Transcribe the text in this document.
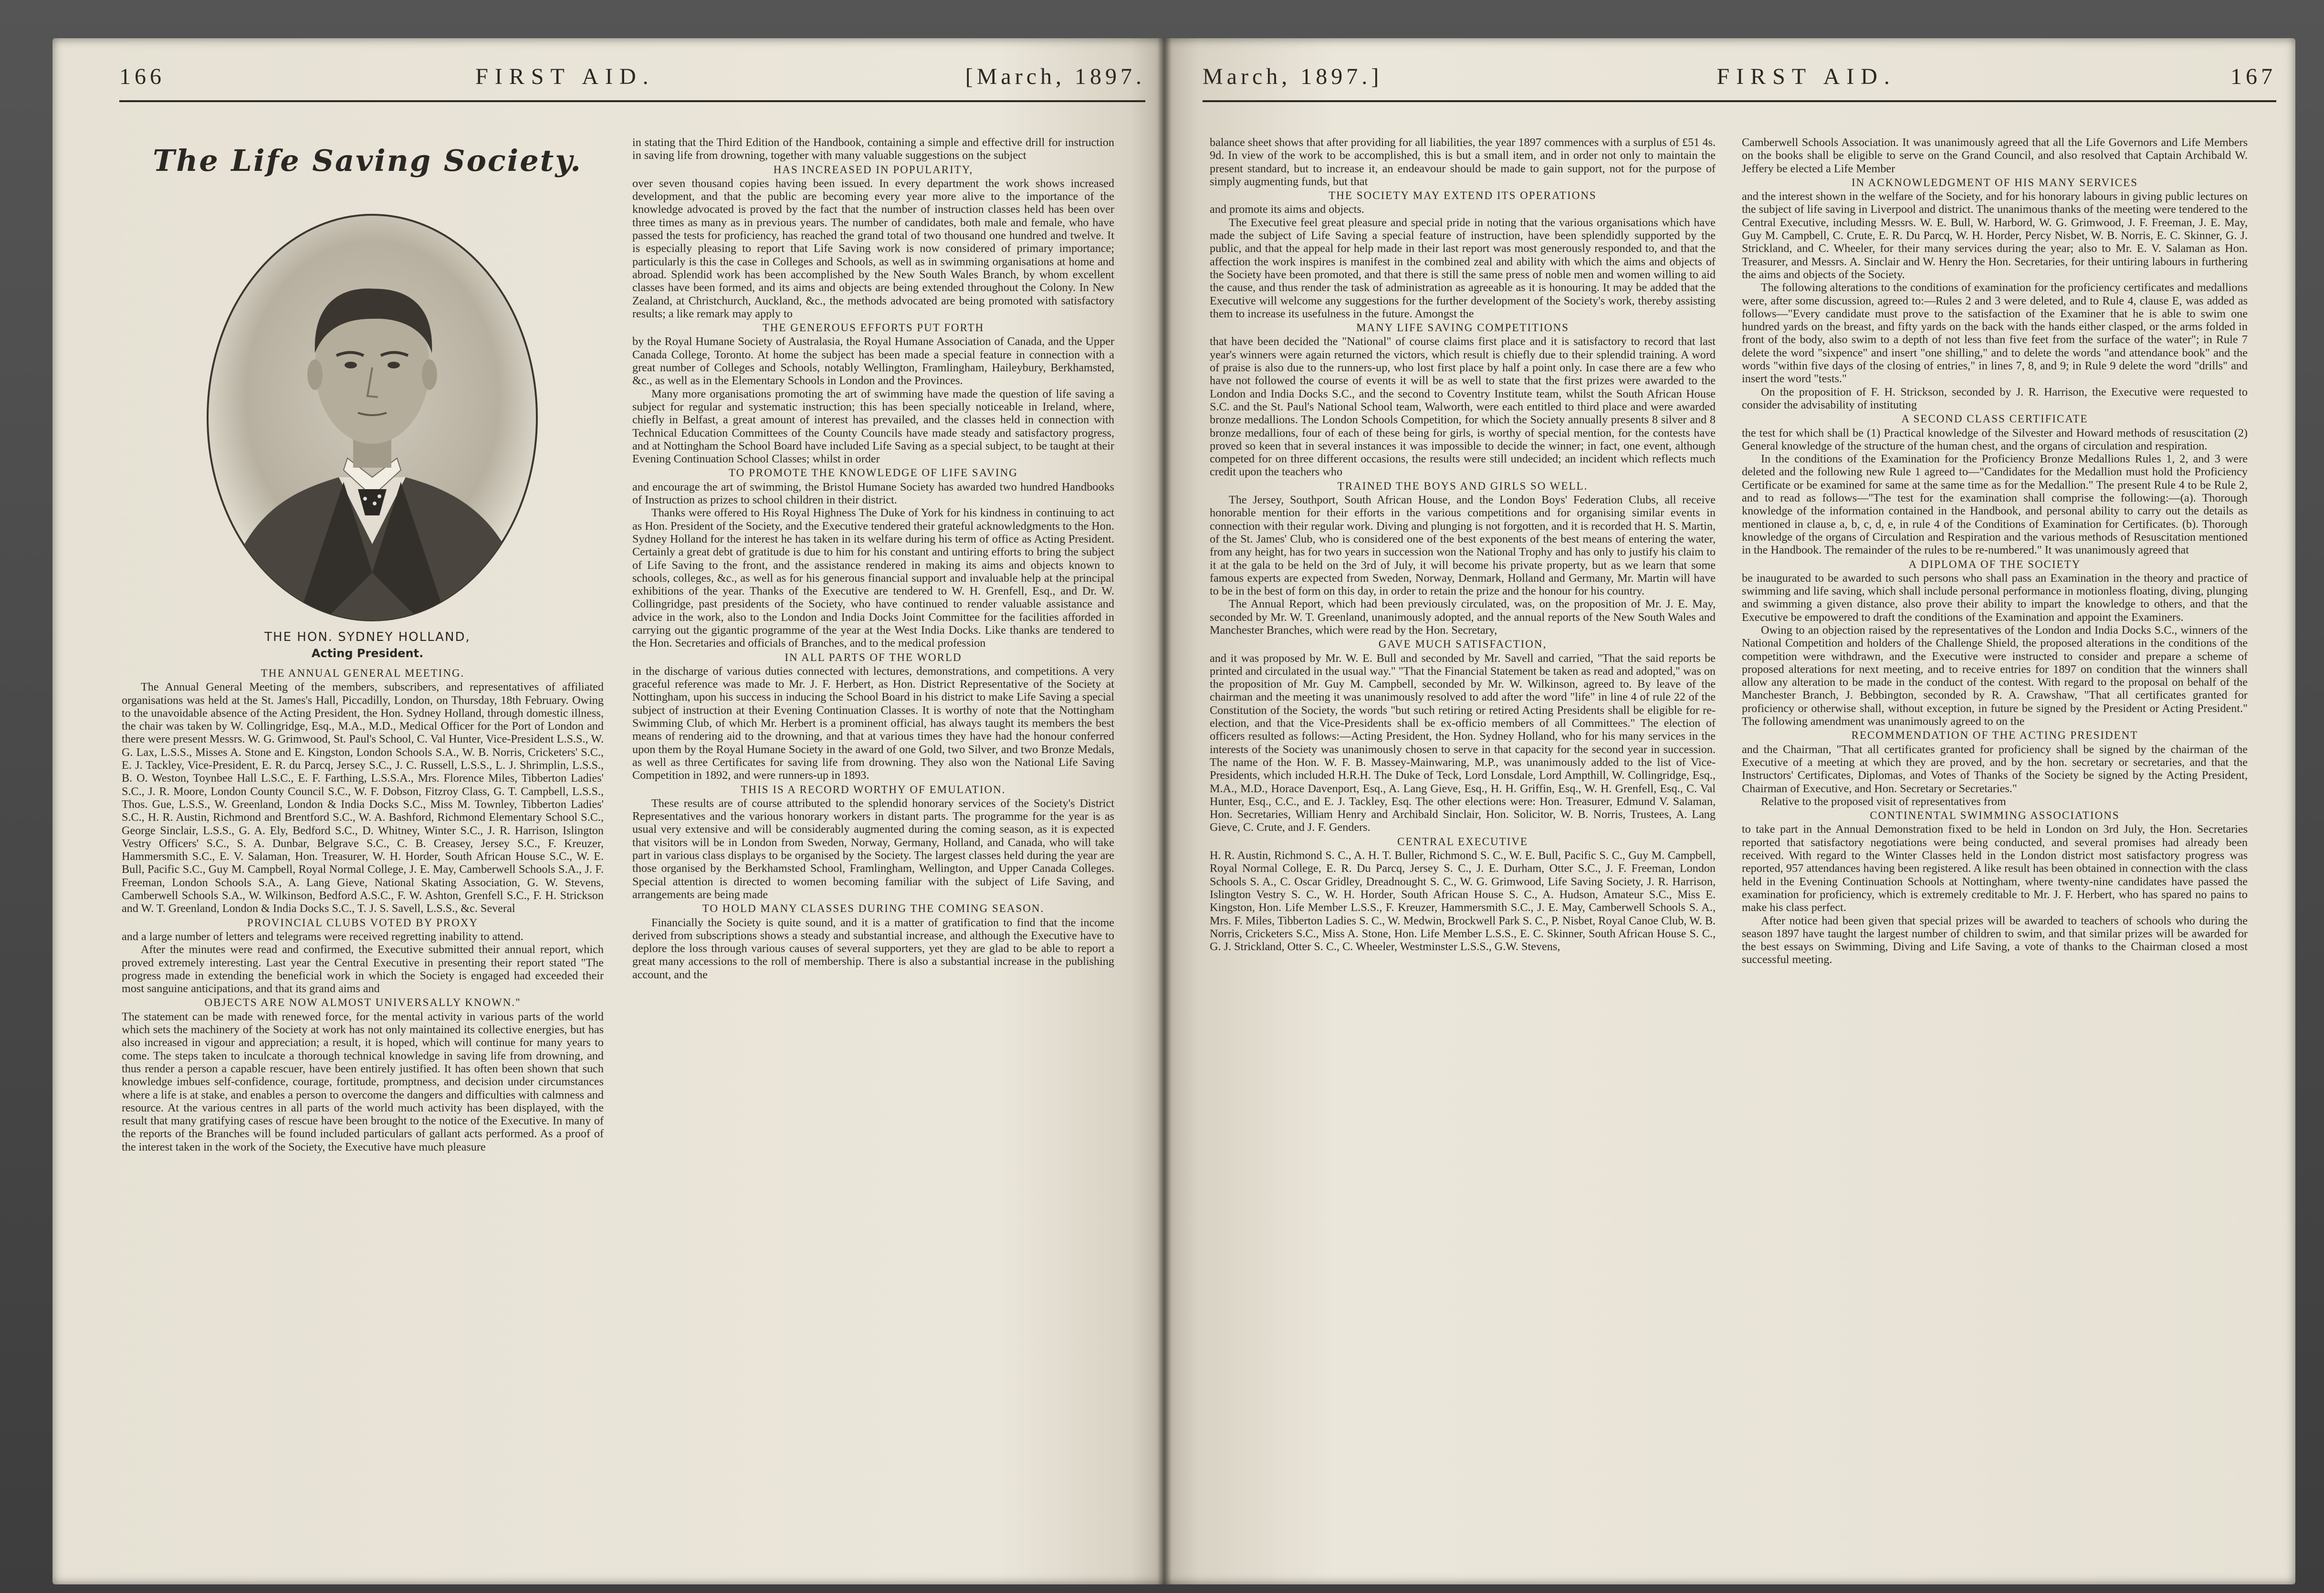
166	FIRST AID.	[March, 1897.	March, 1897.]	FIRST AID.	167
The Life Saving Society.
THE HON. SYDNEY HOLLAND,
Acting President.

THE ANNUAL GENERAL MEETING.

The Annual General Meeting of the members, subscribers, and representatives of affiliated organisations was held at the St. James's Hall, Piccadilly, London, on Thursday, 18th February. Owing to the unavoidable absence of the Acting President, the Hon. Sydney Holland, through domestic illness, the chair was taken by W. Collingridge, Esq., M.A., M.D., Medical Officer for the Port of London and there were present Messrs. W. G. Grimwood, St. Paul's School, C. Val Hunter, Vice-President L.S.S., W. G. Lax, L.S.S., Misses A. Stone and E. Kingston, London Schools S.A., W. B. Norris, Cricketers' S.C., E. J. Tackley, Vice-President, E. R. du Parcq, Jersey S.C., J. C. Russell, L.S.S., L. J. Shrimplin, L.S.S., B. O. Weston, Toynbee Hall L.S.C., E. F. Farthing, L.S.S.A., Mrs. Florence Miles, Tibberton Ladies' S.C., J. R. Moore, London County Council S.C., W. F. Dobson, Fitzroy Class, G. T. Campbell, L.S.S., Thos. Gue, L.S.S., W. Greenland, London & India Docks S.C., Miss M. Townley, Tibberton Ladies' S.C., H. R. Austin, Richmond and Brentford S.C., W. A. Bashford, Richmond Elementary School S.C., George Sinclair, L.S.S., G. A. Ely, Bedford S.C., D. Whitney, Winter S.C., J. R. Harrison, Islington Vestry Officers' S.C., S. A. Dunbar, Belgrave S.C., C. B. Creasey, Jersey S.C., F. Kreuzer, Hammersmith S.C., E. V. Salaman, Hon. Treasurer, W. H. Horder, South African House S.C., W. E. Bull, Pacific S.C., Guy M. Campbell, Royal Normal College, J. E. May, Camberwell Schools S.A., J. F. Freeman, London Schools S.A., A. Lang Gieve, National Skating Association, G. W. Stevens, Camberwell Schools S.A., W. Wilkinson, Bedford A.S.C., F. W. Ashton, Grenfell S.C., F. H. Strickson and W. T. Greenland, London & India Docks S.C., T. J. S. Savell, L.S.S., &c. Several

PROVINCIAL CLUBS VOTED BY PROXY

and a large number of letters and telegrams were received regretting inability to attend.

After the minutes were read and confirmed, the Executive submitted their annual report, which proved extremely interesting. Last year the Central Executive in presenting their report stated "The progress made in extending the beneficial work in which the Society is engaged had exceeded their most sanguine anticipations, and that its grand aims and

OBJECTS ARE NOW ALMOST UNIVERSALLY KNOWN."

The statement can be made with renewed force, for the mental activity in various parts of the world which sets the machinery of the Society at work has not only maintained its collective energies, but has also increased in vigour and appreciation; a result, it is hoped, which will continue for many years to come. The steps taken to inculcate a thorough technical knowledge in saving life from drowning, and thus render a person a capable rescuer, have been entirely justified. It has often been shown that such knowledge imbues self-confidence, courage, fortitude, promptness, and decision under circumstances where a life is at stake, and enables a person to overcome the dangers and difficulties with calmness and resource. At the various centres in all parts of the world much activity has been displayed, with the result that many gratifying cases of rescue have been brought to the notice of the Executive. In many of the reports of the Branches will be found included particulars of gallant acts performed. As a proof of the interest taken in the work of the Society, the Executive have much pleasure

in stating that the Third Edition of the Handbook, containing a simple and effective drill for instruction in saving life from drowning, together with many valuable suggestions on the subject

HAS INCREASED IN POPULARITY,

over seven thousand copies having been issued. In every department the work shows increased development, and that the public are becoming every year more alive to the importance of the knowledge advocated is proved by the fact that the number of instruction classes held has been over three times as many as in previous years. The number of candidates, both male and female, who have passed the tests for proficiency, has reached the grand total of two thousand one hundred and twelve. It is especially pleasing to report that Life Saving work is now considered of primary importance; particularly is this the case in Colleges and Schools, as well as in swimming organisations at home and abroad. Splendid work has been accomplished by the New South Wales Branch, by whom excellent classes have been formed, and its aims and objects are being extended throughout the Colony. In New Zealand, at Christchurch, Auckland, &c., the methods advocated are being promoted with satisfactory results; a like remark may apply to

THE GENEROUS EFFORTS PUT FORTH

by the Royal Humane Society of Australasia, the Royal Humane Association of Canada, and the Upper Canada College, Toronto. At home the subject has been made a special feature in connection with a great number of Colleges and Schools, notably Wellington, Framlingham, Haileybury, Berkhamsted, &c., as well as in the Elementary Schools in London and the Provinces.

Many more organisations promoting the art of swimming have made the question of life saving a subject for regular and systematic instruction; this has been specially noticeable in Ireland, where, chiefly in Belfast, a great amount of interest has prevailed, and the classes held in connection with Technical Education Committees of the County Councils have made steady and satisfactory progress, and at Nottingham the School Board have included Life Saving as a special subject, to be taught at their Evening Continuation School Classes; whilst in order

TO PROMOTE THE KNOWLEDGE OF LIFE SAVING

and encourage the art of swimming, the Bristol Humane Society has awarded two hundred Handbooks of Instruction as prizes to school children in their district.

Thanks were offered to His Royal Highness The Duke of York for his kindness in continuing to act as Hon. President of the Society, and the Executive tendered their grateful acknowledgments to the Hon. Sydney Holland for the interest he has taken in its welfare during his term of office as Acting President. Certainly a great debt of gratitude is due to him for his constant and untiring efforts to bring the subject of Life Saving to the front, and the assistance rendered in making its aims and objects known to schools, colleges, &c., as well as for his generous financial support and invaluable help at the principal exhibitions of the year. Thanks of the Executive are tendered to W. H. Grenfell, Esq., and Dr. W. Collingridge, past presidents of the Society, who have continued to render valuable assistance and advice in the work, also to the London and India Docks Joint Committee for the facilities afforded in carrying out the gigantic programme of the year at the West India Docks. Like thanks are tendered to the Hon. Secretaries and officials of Branches, and to the medical profession

IN ALL PARTS OF THE WORLD

in the discharge of various duties connected with lectures, demonstrations, and competitions. A very graceful reference was made to Mr. J. F. Herbert, as Hon. District Representative of the Society at Nottingham, upon his success in inducing the School Board in his district to make Life Saving a special subject of instruction at their Evening Continuation Classes. It is worthy of note that the Nottingham Swimming Club, of which Mr. Herbert is a prominent official, has always taught its members the best means of rendering aid to the drowning, and that at various times they have had the honour conferred upon them by the Royal Humane Society in the award of one Gold, two Silver, and two Bronze Medals, as well as three Certificates for saving life from drowning. They also won the National Life Saving Competition in 1892, and were runners-up in 1893.

THIS IS A RECORD WORTHY OF EMULATION.

These results are of course attributed to the splendid honorary services of the Society's District Representatives and the various honorary workers in distant parts. The programme for the year is as usual very extensive and will be considerably augmented during the coming season, as it is expected that visitors will be in London from Sweden, Norway, Germany, Holland, and Canada, who will take part in various class displays to be organised by the Society. The largest classes held during the year are those organised by the Berkhamsted School, Framlingham, Wellington, and Upper Canada Colleges. Special attention is directed to women becoming familiar with the subject of Life Saving, and arrangements are being made

TO HOLD MANY CLASSES DURING THE COMING SEASON.

Financially the Society is quite sound, and it is a matter of gratification to find that the income derived from subscriptions shows a steady and substantial increase, and although the Executive have to deplore the loss through various causes of several supporters, yet they are glad to be able to report a great many accessions to the roll of membership. There is also a substantial increase in the publishing account, and the

balance sheet shows that after providing for all liabilities, the year 1897 commences with a surplus of £51 4s. 9d. In view of the work to be accomplished, this is but a small item, and in order not only to maintain the present standard, but to increase it, an endeavour should be made to gain support, not for the purpose of simply augmenting funds, but that

THE SOCIETY MAY EXTEND ITS OPERATIONS

and promote its aims and objects.

The Executive feel great pleasure and special pride in noting that the various organisations which have made the subject of Life Saving a special feature of instruction, have been splendidly supported by the public, and that the appeal for help made in their last report was most generously responded to, and that the affection the work inspires is manifest in the combined zeal and ability with which the aims and objects of the Society have been promoted, and that there is still the same press of noble men and women willing to aid the cause, and thus render the task of administration as agreeable as it is honouring. It may be added that the Executive will welcome any suggestions for the further development of the Society's work, thereby assisting them to increase its usefulness in the future. Amongst the

MANY LIFE SAVING COMPETITIONS

that have been decided the "National" of course claims first place and it is satisfactory to record that last year's winners were again returned the victors, which result is chiefly due to their splendid training. A word of praise is also due to the runners-up, who lost first place by half a point only. In case there are a few who have not followed the course of events it will be as well to state that the first prizes were awarded to the London and India Docks S.C., and the second to Coventry Institute team, whilst the South African House S.C. and the St. Paul's National School team, Walworth, were each entitled to third place and were awarded bronze medallions. The London Schools Competition, for which the Society annually presents 8 silver and 8 bronze medallions, four of each of these being for girls, is worthy of special mention, for the contests have proved so keen that in several instances it was impossible to decide the winner; in fact, one event, although competed for on three different occasions, the results were still undecided; an incident which reflects much credit upon the teachers who

TRAINED THE BOYS AND GIRLS SO WELL.

The Jersey, Southport, South African House, and the London Boys' Federation Clubs, all receive honorable mention for their efforts in the various competitions and for organising similar events in connection with their regular work. Diving and plunging is not forgotten, and it is recorded that H. S. Martin, of the St. James' Club, who is considered one of the best exponents of the best means of entering the water, from any height, has for two years in succession won the National Trophy and has only to justify his claim to it at the gala to be held on the 3rd of July, it will become his private property, but as we learn that some famous experts are expected from Sweden, Norway, Denmark, Holland and Germany, Mr. Martin will have to be in the best of form on this day, in order to retain the prize and the honour for his country.

The Annual Report, which had been previously circulated, was, on the proposition of Mr. J. E. May, seconded by Mr. W. T. Greenland, unanimously adopted, and the annual reports of the New South Wales and Manchester Branches, which were read by the Hon. Secretary,

GAVE MUCH SATISFACTION,

and it was proposed by Mr. W. E. Bull and seconded by Mr. Savell and carried, "That the said reports be printed and circulated in the usual way." "That the Financial Statement be taken as read and adopted," was on the proposition of Mr. Guy M. Campbell, seconded by Mr. W. Wilkinson, agreed to. By leave of the chairman and the meeting it was unanimously resolved to add after the word "life" in line 4 of rule 22 of the Constitution of the Society, the words "but such retiring or retired Acting Presidents shall be eligible for re-election, and that the Vice-Presidents shall be ex-officio members of all Committees." The election of officers resulted as follows:—Acting President, the Hon. Sydney Holland, who for his many services in the interests of the Society was unanimously chosen to serve in that capacity for the second year in succession. The name of the Hon. W. F. B. Massey-Mainwaring, M.P., was unanimously added to the list of Vice-Presidents, which included H.R.H. The Duke of Teck, Lord Lonsdale, Lord Ampthill, W. Collingridge, Esq., M.A., M.D., Horace Davenport, Esq., A. Lang Gieve, Esq., H. H. Griffin, Esq., W. H. Grenfell, Esq., C. Val Hunter, Esq., C.C., and E. J. Tackley, Esq. The other elections were: Hon. Treasurer, Edmund V. Salaman, Hon. Secretaries, William Henry and Archibald Sinclair, Hon. Solicitor, W. B. Norris, Trustees, A. Lang Gieve, C. Crute, and J. F. Genders.

CENTRAL EXECUTIVE

H. R. Austin, Richmond S. C., A. H. T. Buller, Richmond S. C., W. E. Bull, Pacific S. C., Guy M. Campbell, Royal Normal College, E. R. Du Parcq, Jersey S. C., J. E. Durham, Otter S.C., J. F. Freeman, London Schools S. A., C. Oscar Gridley, Dreadnought S. C., W. G. Grimwood, Life Saving Society, J. R. Harrison, Islington Vestry S. C., W. H. Horder, South African House S. C., A. Hudson, Amateur S.C., Miss E. Kingston, Hon. Life Member L.S.S., F. Kreuzer, Hammersmith S.C., J. E. May, Camberwell Schools S. A., Mrs. F. Miles, Tibberton Ladies S. C., W. Medwin, Brockwell Park S. C., P. Nisbet, Royal Canoe Club, W. B. Norris, Cricketers S.C., Miss A. Stone, Hon. Life Member L.S.S., E. C. Skinner, South African House S. C., G. J. Strickland, Otter S. C., C. Wheeler, Westminster L.S.S., G.W. Stevens,

Camberwell Schools Association. It was unanimously agreed that all the Life Governors and Life Members on the books shall be eligible to serve on the Grand Council, and also resolved that Captain Archibald W. Jeffery be elected a Life Member

IN ACKNOWLEDGMENT OF HIS MANY SERVICES

and the interest shown in the welfare of the Society, and for his honorary labours in giving public lectures on the subject of life saving in Liverpool and district. The unanimous thanks of the meeting were tendered to the Central Executive, including Messrs. W. E. Bull, W. Harbord, W. G. Grimwood, J. F. Freeman, J. E. May, Guy M. Campbell, C. Crute, E. R. Du Parcq, W. H. Horder, Percy Nisbet, W. B. Norris, E. C. Skinner, G. J. Strickland, and C. Wheeler, for their many services during the year; also to Mr. E. V. Salaman as Hon. Treasurer, and Messrs. A. Sinclair and W. Henry the Hon. Secretaries, for their untiring labours in furthering the aims and objects of the Society.

The following alterations to the conditions of examination for the proficiency certificates and medallions were, after some discussion, agreed to:—Rules 2 and 3 were deleted, and to Rule 4, clause E, was added as follows—"Every candidate must prove to the satisfaction of the Examiner that he is able to swim one hundred yards on the breast, and fifty yards on the back with the hands either clasped, or the arms folded in front of the body, also swim to a depth of not less than five feet from the surface of the water"; in Rule 7 delete the word "sixpence" and insert "one shilling," and to delete the words "and attendance book" and the words "within five days of the closing of entries," in lines 7, 8, and 9; in Rule 9 delete the word "drills" and insert the word "tests."

On the proposition of F. H. Strickson, seconded by J. R. Harrison, the Executive were requested to consider the advisability of instituting

A SECOND CLASS CERTIFICATE

the test for which shall be (1) Practical knowledge of the Silvester and Howard methods of resuscitation (2) General knowledge of the structure of the human chest, and the organs of circulation and respiration.

In the conditions of the Examination for the Proficiency Bronze Medallions Rules 1, 2, and 3 were deleted and the following new Rule 1 agreed to—"Candidates for the Medallion must hold the Proficiency Certificate or be examined for same at the same time as for the Medallion." The present Rule 4 to be Rule 2, and to read as follows—"The test for the examination shall comprise the following:—(a). Thorough knowledge of the information contained in the Handbook, and personal ability to carry out the details as mentioned in clause a, b, c, d, e, in rule 4 of the Conditions of Examination for Certificates. (b). Thorough knowledge of the organs of Circulation and Respiration and the various methods of Resuscitation mentioned in the Handbook. The remainder of the rules to be re-numbered." It was unanimously agreed that

A DIPLOMA OF THE SOCIETY

be inaugurated to be awarded to such persons who shall pass an Examination in the theory and practice of swimming and life saving, which shall include personal performance in motionless floating, diving, plunging and swimming a given distance, also prove their ability to impart the knowledge to others, and that the Executive be empowered to draft the conditions of the Examination and appoint the Examiners.

Owing to an objection raised by the representatives of the London and India Docks S.C., winners of the National Competition and holders of the Challenge Shield, the proposed alterations in the conditions of the competition were withdrawn, and the Executive were instructed to consider and prepare a scheme of proposed alterations for next meeting, and to receive entries for 1897 on condition that the winners shall allow any alteration to be made in the conduct of the contest. With regard to the proposal on behalf of the Manchester Branch, J. Bebbington, seconded by R. A. Crawshaw, "That all certificates granted for proficiency or otherwise shall, without exception, in future be signed by the President or Acting President." The following amendment was unanimously agreed to on the

RECOMMENDATION OF THE ACTING PRESIDENT

and the Chairman, "That all certificates granted for proficiency shall be signed by the chairman of the Executive of a meeting at which they are proved, and by the hon. secretary or secretaries, and that the Instructors' Certificates, Diplomas, and Votes of Thanks of the Society be signed by the Acting President, Chairman of Executive, and Hon. Secretary or Secretaries."

Relative to the proposed visit of representatives from

CONTINENTAL SWIMMING ASSOCIATIONS

to take part in the Annual Demonstration fixed to be held in London on 3rd July, the Hon. Secretaries reported that satisfactory negotiations were being conducted, and several promises had already been received. With regard to the Winter Classes held in the London district most satisfactory progress was reported, 957 attendances having been registered. A like result has been obtained in connection with the class held in the Evening Continuation Schools at Nottingham, where twenty-nine candidates have passed the examination for proficiency, which is extremely creditable to Mr. J. F. Herbert, who has spared no pains to make his class perfect.

After notice had been given that special prizes will be awarded to teachers of schools who during the season 1897 have taught the largest number of children to swim, and that similar prizes will be awarded for the best essays on Swimming, Diving and Life Saving, a vote of thanks to the Chairman closed a most successful meeting.
